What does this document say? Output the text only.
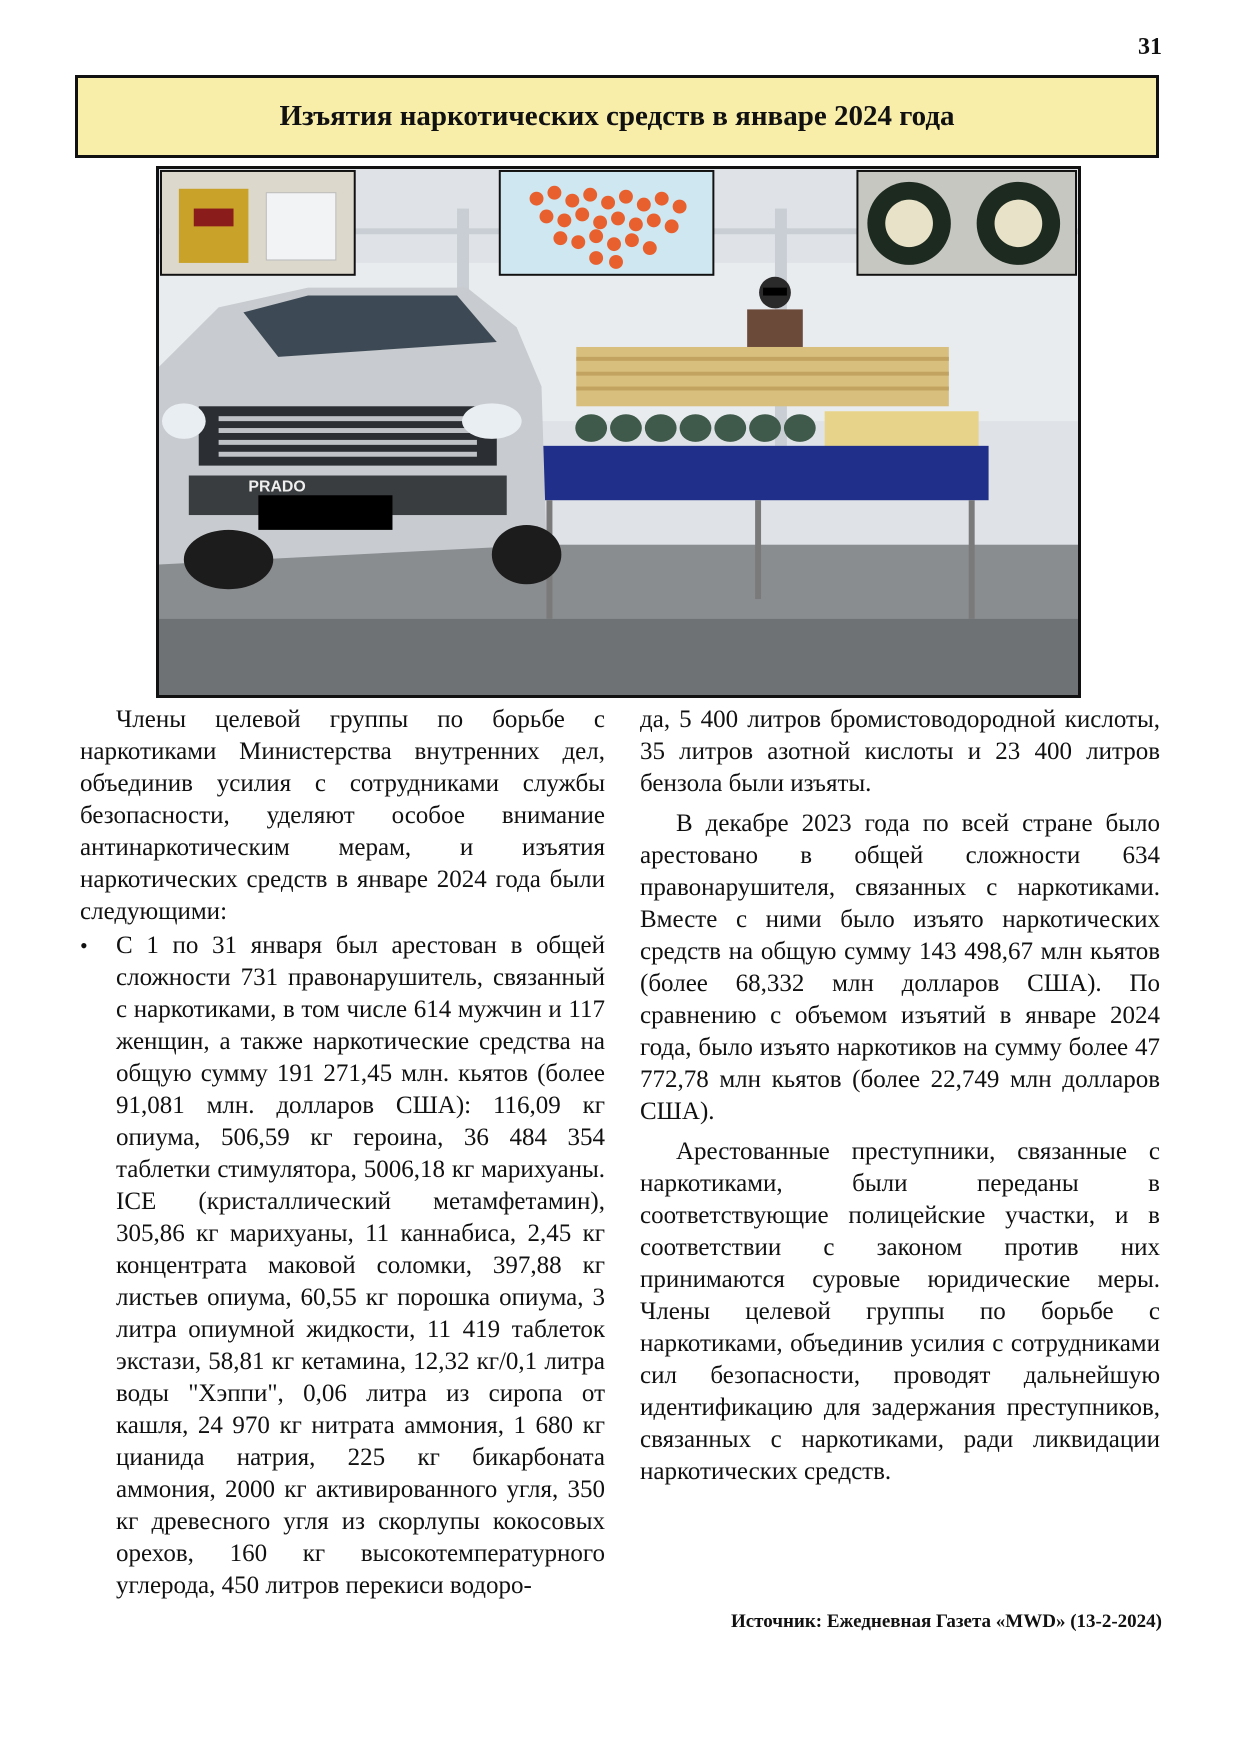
31
Изъятия наркотических средств в январе 2024 года
PRADO

Члены целевой группы по борьбе с наркотиками Министерства внутренних дел, объединив усилия с сотрудниками службы безопасности, уделяют особое внимание антинаркотическим мерам, и изъятия наркотических средств в январе 2024 года были следующими:

•	С 1 по 31 января был арестован в общей сложности 731 правонарушитель, связанный с наркотиками, в том числе 614 мужчин и 117 женщин, а также наркотические средства на общую сумму 191 271,45 млн. кьятов (более 91,081 млн. долларов США): 116,09 кг опиума, 506,59 кг героина, 36 484 354 таблетки стимулятора, 5006,18 кг марихуаны. ICE (кристаллический метамфетамин), 305,86 кг марихуаны, 11 каннабиса, 2,45 кг концентрата маковой соломки, 397,88 кг листьев опиума, 60,55 кг порошка опиума, 3 литра опиумной жидкости, 11 419 таблеток экстази, 58,81 кг кетамина, 12,32 кг/0,1 литра воды "Хэппи", 0,06 литра из сиропа от кашля, 24 970 кг нитрата аммония, 1 680 кг цианида натрия, 225 кг бикарбоната аммония, 2000 кг активированного угля, 350 кг древесного угля из скорлупы кокосовых орехов, 160 кг высокотемпературного углерода, 450 литров перекиси водоро-

да, 5 400 литров бромистоводородной кислоты, 35 литров азотной кислоты и 23 400 литров бензола были изъяты.

В декабре 2023 года по всей стране было арестовано в общей сложности 634 правонарушителя, связанных с наркотиками. Вместе с ними было изъято наркотических средств на общую сумму 143 498,67 млн кьятов (более 68,332 млн долларов США). По сравнению с объемом изъятий в январе 2024 года, было изъято наркотиков на сумму более 47 772,78 млн кьятов (более 22,749 млн долларов США).

Арестованные преступники, связанные с наркотиками, были переданы в соответствующие полицейские участки, и в соответствии с законом против них принимаются суровые юридические меры. Члены целевой группы по борьбе с наркотиками, объединив усилия с сотрудниками сил безопасности, проводят дальнейшую идентификацию для задержания преступников, связанных с наркотиками, ради ликвидации наркотических средств.

Источник: Ежедневная Газета «MWD» (13-2-2024)
